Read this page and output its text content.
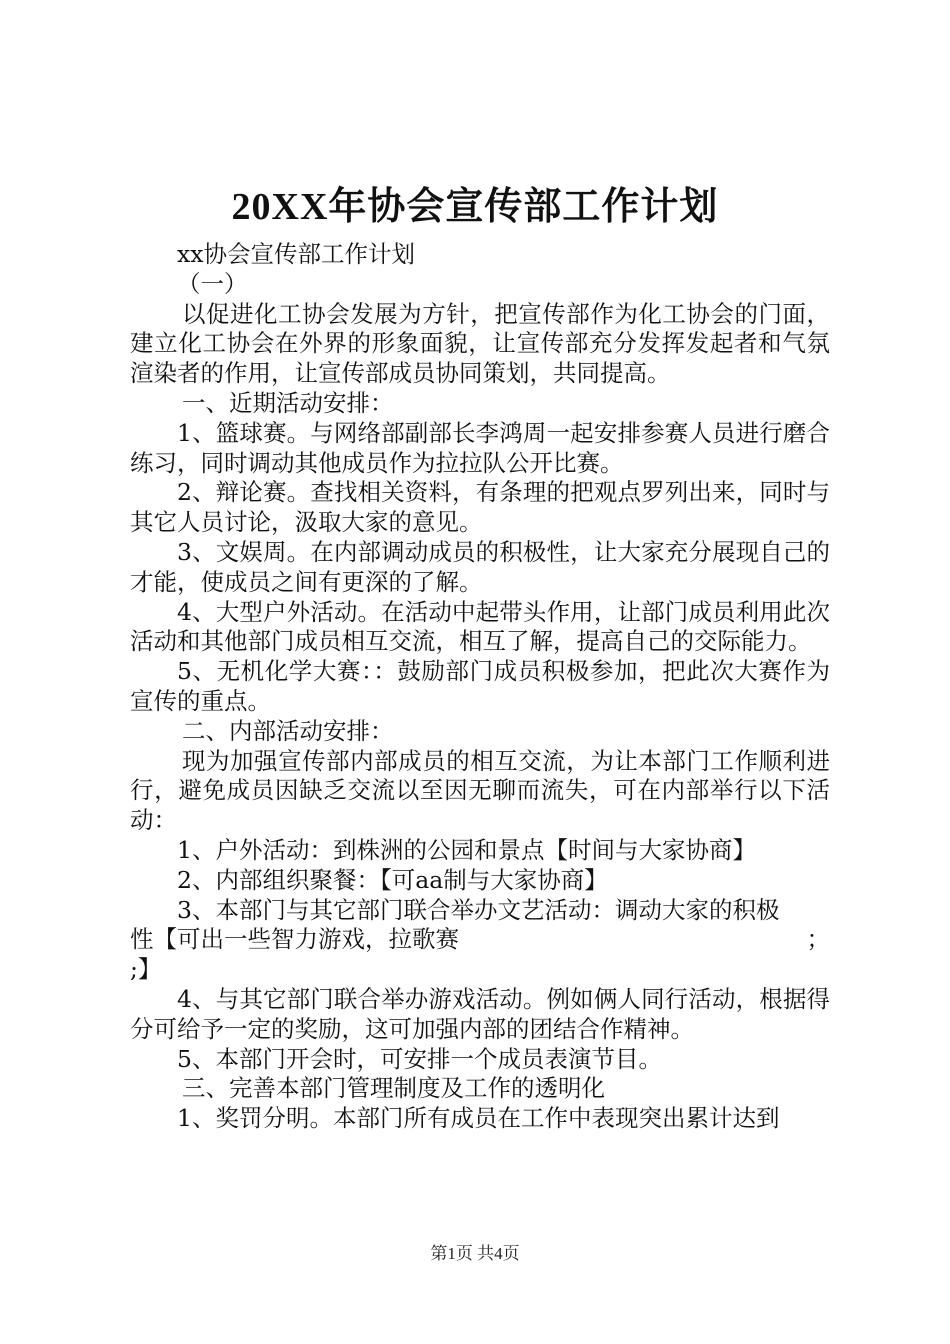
20XX年协会宣传部工作计划

xx协会宣传部工作计划

（一）

以促进化工协会发展为方针，把宣传部作为化工协会的门面，建立化工协会在外界的形象面貌，让宣传部充分发挥发起者和气氛渲染者的作用，让宣传部成员协同策划，共同提高。

一、近期活动安排：

1、篮球赛。与网络部副部长李鸿周一起安排参赛人员进行磨合练习，同时调动其他成员作为拉拉队公开比赛。

2、辩论赛。查找相关资料，有条理的把观点罗列出来，同时与其它人员讨论，汲取大家的意见。

3、文娱周。在内部调动成员的积极性，让大家充分展现自己的才能，使成员之间有更深的了解。

4、大型户外活动。在活动中起带头作用，让部门成员利用此次活动和其他部门成员相互交流，相互了解，提高自己的交际能力。

5、无机化学大赛：：鼓励部门成员积极参加，把此次大赛作为宣传的重点。

二、内部活动安排：

现为加强宣传部内部成员的相互交流，为让本部门工作顺利进行，避免成员因缺乏交流以至因无聊而流失，可在内部举行以下活动：

1、户外活动：到株洲的公园和景点【时间与大家协商】

2、内部组织聚餐：【可aa制与大家协商】

3、本部门与其它部门联合举办文艺活动：调动大家的积极

性【可出一些智力游戏，拉歌赛	；

;】

4、与其它部门联合举办游戏活动。例如俩人同行活动，根据得分可给予一定的奖励，这可加强内部的团结合作精神。

5、本部门开会时，可安排一个成员表演节目。

三、完善本部门管理制度及工作的透明化

1、奖罚分明。本部门所有成员在工作中表现突出累计达到

第1页 共4页
